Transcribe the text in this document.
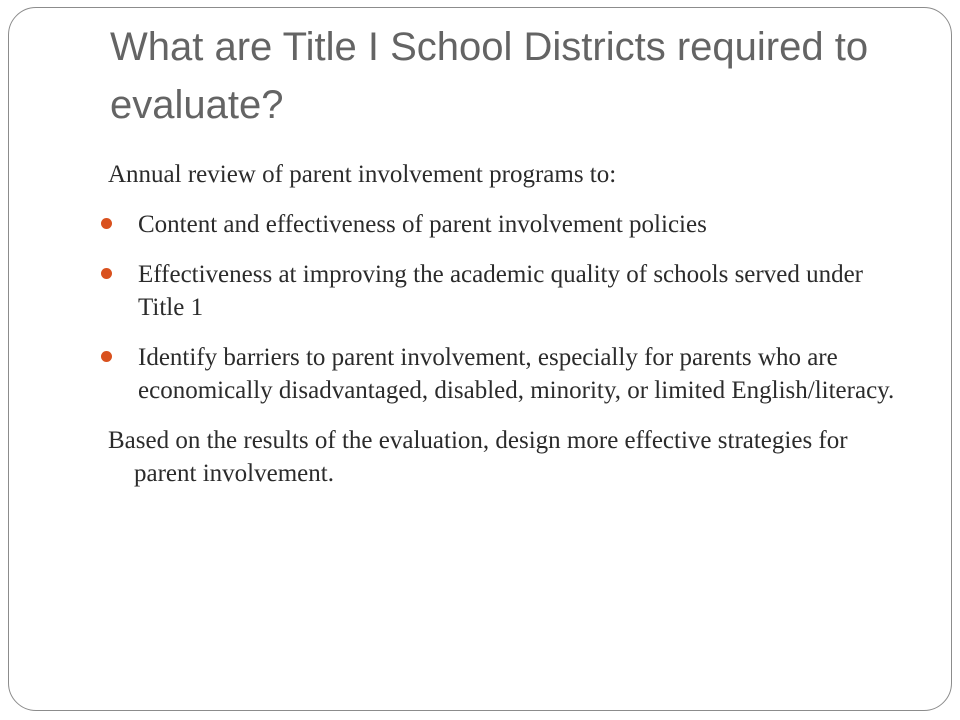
What are Title I School Districts required to evaluate?

Annual review of parent involvement programs to:

Content and effectiveness of parent involvement policies
Effectiveness at improving the academic quality of schools served under Title 1
Identify barriers to parent involvement, especially for parents who are economically disadvantaged, disabled, minority, or limited English/literacy.

Based on the results of the evaluation, design more effective strategies for parent involvement.
